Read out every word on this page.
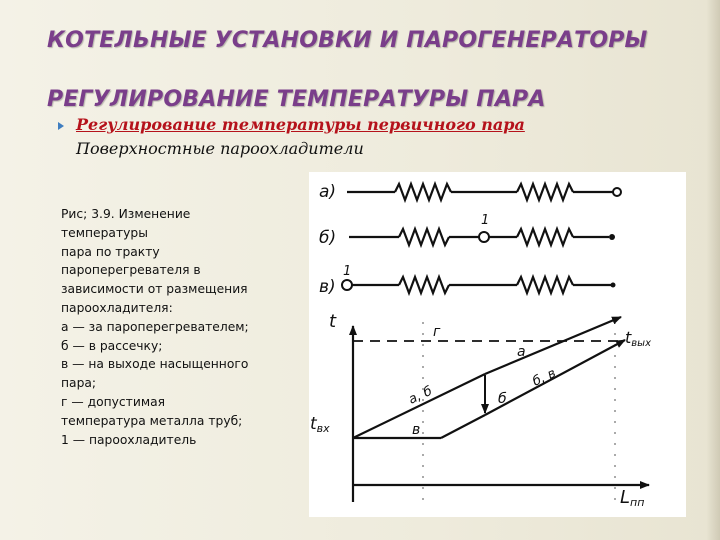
КОТЕЛЬНЫЕ УСТАНОВКИ И ПАРОГЕНЕРАТОРЫ
РЕГУЛИРОВАНИЕ ТЕМПЕРАТУРЫ ПАРА
Регулирование температуры первичного пара
Поверхностные пароохладители
Рис; 3.9. Изменение
температуры
пара по тракту
пароперегревателя в
зависимости от размещения
пароохладителя:
а — за пароперегревателем;
б — в рассечку;
в — на выходе насыщенного
пара;
г — допустимая
температура металла труб;
1 — пароохладитель
а)
б)
1
в)
1
t
Lпп
г
tвх
а, б
а
б, в
в
б
tвых
